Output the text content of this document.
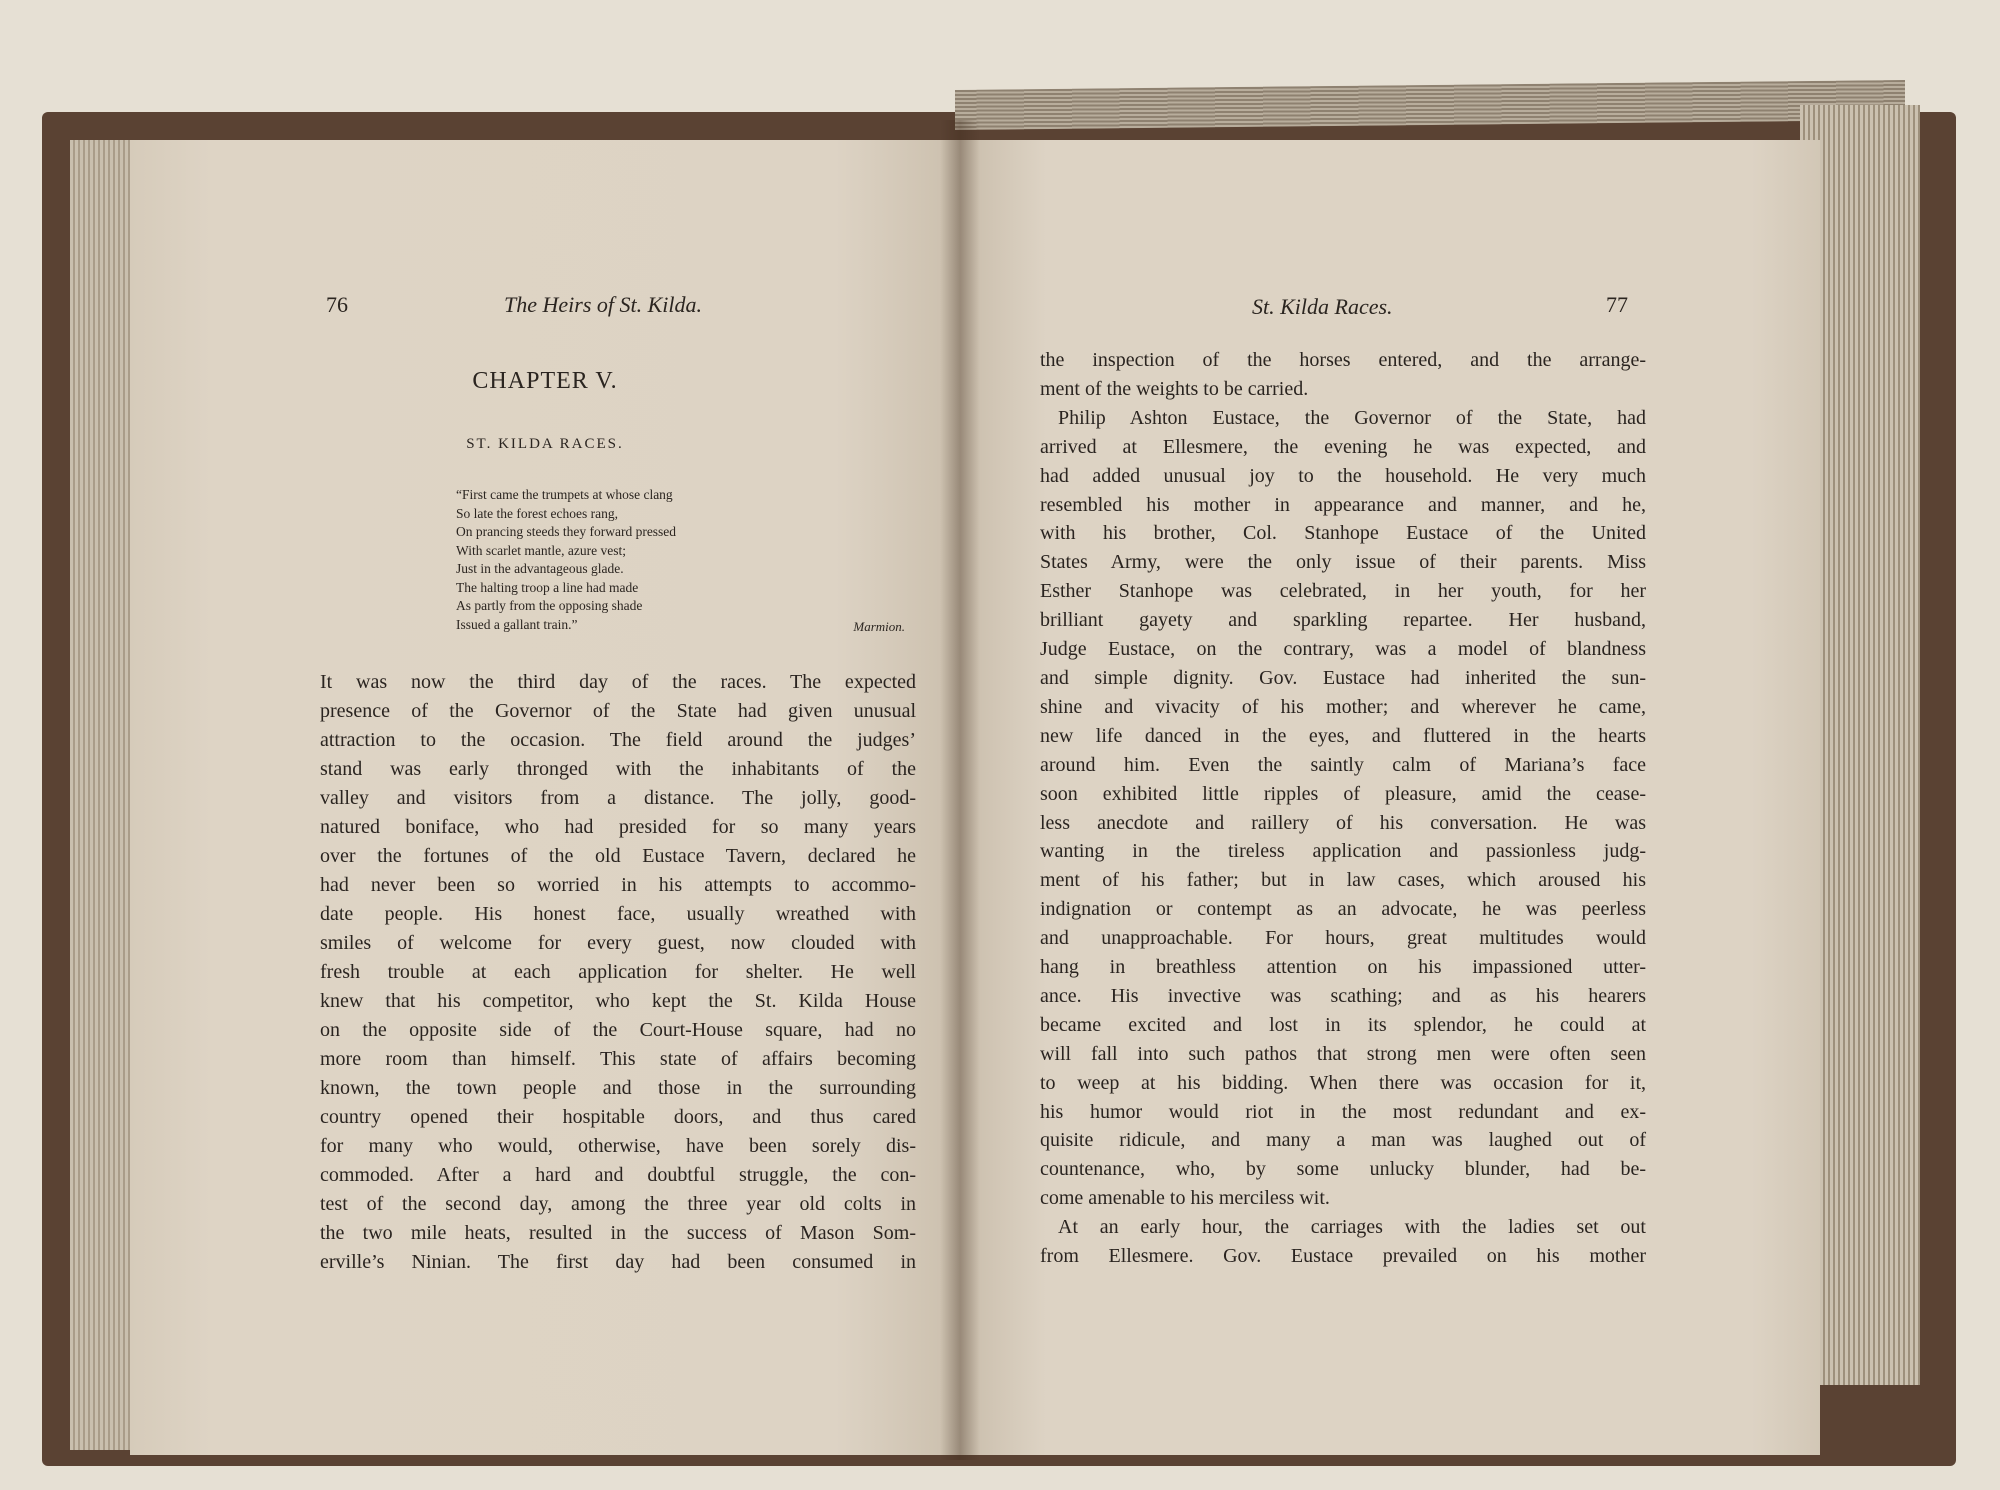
76	The Heirs of St. Kilda.	St. Kilda Races.	77
CHAPTER V.
ST. KILDA RACES.
“First came the trumpets at whose clang
So late the forest echoes rang,
On prancing steeds they forward pressed
With scarlet mantle, azure vest;
Just in the advantageous glade.
The halting troop a line had made
As partly from the opposing shade
Issued a gallant train.”	Marmion.
It was now the third day of the races. The expected
presence of the Governor of the State had given unusual
attraction to the occasion. The field around the judges’
stand was early thronged with the inhabitants of the
valley and visitors from a distance. The jolly, good-
natured boniface, who had presided for so many years
over the fortunes of the old Eustace Tavern, declared he
had never been so worried in his attempts to accommo-
date people. His honest face, usually wreathed with
smiles of welcome for every guest, now clouded with
fresh trouble at each application for shelter. He well
knew that his competitor, who kept the St. Kilda House
on the opposite side of the Court-House square, had no
more room than himself. This state of affairs becoming
known, the town people and those in the surrounding
country opened their hospitable doors, and thus cared
for many who would, otherwise, have been sorely dis-
commoded. After a hard and doubtful struggle, the con-
test of the second day, among the three year old colts in
the two mile heats, resulted in the success of Mason Som-
erville’s Ninian. The first day had been consumed in
the inspection of the horses entered, and the arrange-
ment of the weights to be carried.
Philip Ashton Eustace, the Governor of the State, had
arrived at Ellesmere, the evening he was expected, and
had added unusual joy to the household. He very much
resembled his mother in appearance and manner, and he,
with his brother, Col. Stanhope Eustace of the United
States Army, were the only issue of their parents. Miss
Esther Stanhope was celebrated, in her youth, for her
brilliant gayety and sparkling repartee. Her husband,
Judge Eustace, on the contrary, was a model of blandness
and simple dignity. Gov. Eustace had inherited the sun-
shine and vivacity of his mother; and wherever he came,
new life danced in the eyes, and fluttered in the hearts
around him. Even the saintly calm of Mariana’s face
soon exhibited little ripples of pleasure, amid the cease-
less anecdote and raillery of his conversation. He was
wanting in the tireless application and passionless judg-
ment of his father; but in law cases, which aroused his
indignation or contempt as an advocate, he was peerless
and unapproachable. For hours, great multitudes would
hang in breathless attention on his impassioned utter-
ance. His invective was scathing; and as his hearers
became excited and lost in its splendor, he could at
will fall into such pathos that strong men were often seen
to weep at his bidding. When there was occasion for it,
his humor would riot in the most redundant and ex-
quisite ridicule, and many a man was laughed out of
countenance, who, by some unlucky blunder, had be-
come amenable to his merciless wit.
At an early hour, the carriages with the ladies set out
from Ellesmere. Gov. Eustace prevailed on his mother
